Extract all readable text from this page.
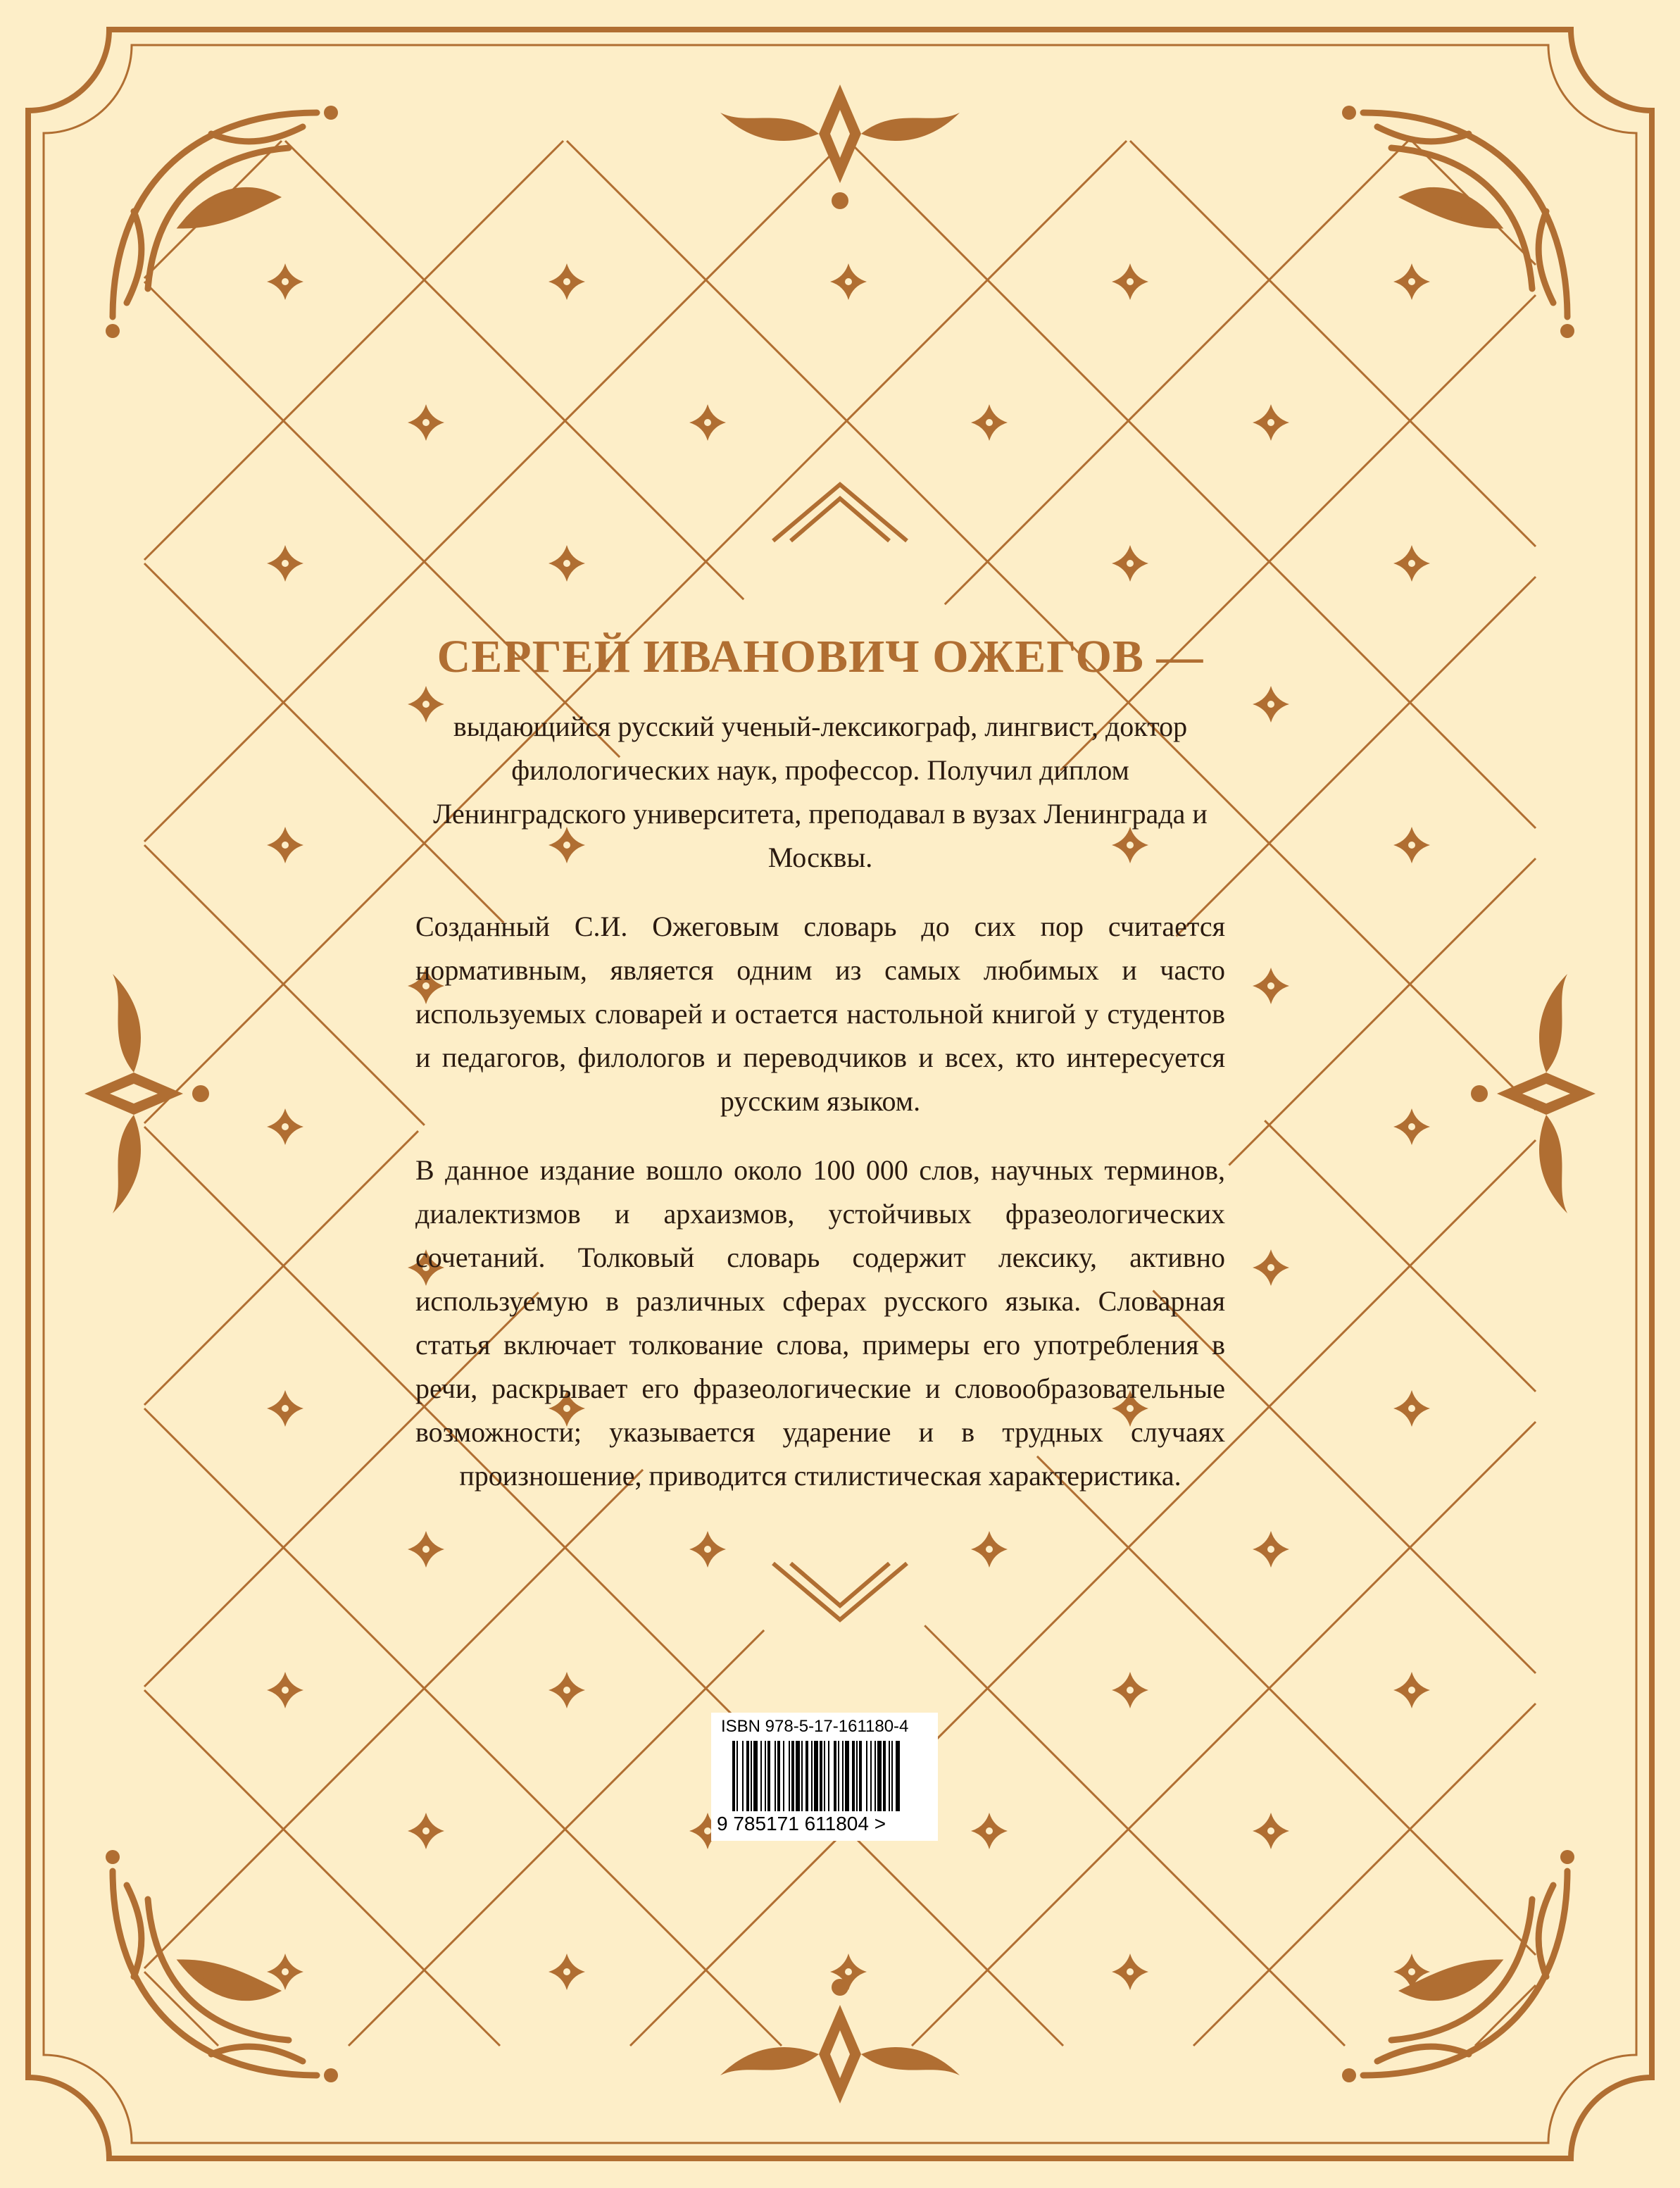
СЕРГЕЙ ИВАНОВИЧ ОЖЕГОВ —

выдающийся русский ученый-лексикограф, лингвист, доктор филологических наук, профессор. Получил диплом Ленинградского университета, преподавал в вузах Ленинграда и Москвы.

Созданный С.И. Ожеговым словарь до сих пор считается нормативным, является одним из самых любимых и часто используемых словарей и остается настольной книгой у студентов и педагогов, филологов и переводчиков и всех, кто интересуется русским языком.

В данное издание вошло около 100 000 слов, научных терминов, диалектизмов и архаизмов, устойчивых фразеологических сочетаний. Толковый словарь содержит лексику, активно используемую в различных сферах русского языка. Словарная статья включает толкование слова, примеры его употребления в речи, раскрывает его фразеологические и словообразовательные возможности; указывается ударение и в трудных случаях произношение, приводится стилистическая характеристика.

ISBN 978-5-17-161180-4
9 785171 611804 >
